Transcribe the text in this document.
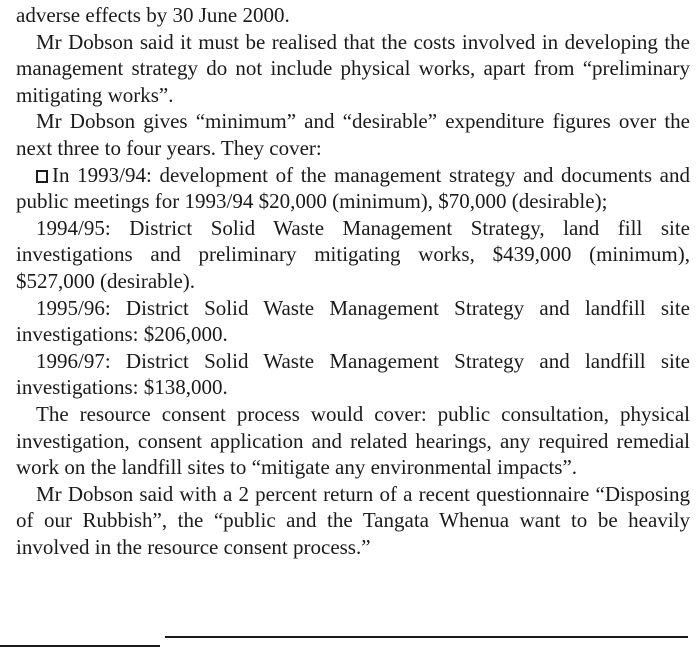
adverse effects by 30 June 2000.

Mr Dobson said it must be realised that the costs involved in developing the management strategy do not include physical works, apart from “preliminary mitigating works”.

Mr Dobson gives “minimum” and “desirable” expenditure figures over the next three to four years. They cover:

In 1993/94: development of the management strategy and documents and public meetings for 1993/94 $20,000 (minimum), $70,000 (desirable);

1994/95: District Solid Waste Management Strategy, land fill site investigations and preliminary mitigating works, $439,000 (minimum), $527,000 (desirable).

1995/96: District Solid Waste Management Strategy and landfill site investigations: $206,000.

1996/97: District Solid Waste Management Strategy and landfill site investigations: $138,000.

The resource consent process would cover: public consultation, physical investigation, consent application and related hearings, any required remedial work on the landfill sites to “mitigate any environmental impacts”.

Mr Dobson said with a 2 percent return of a recent questionnaire “Disposing of our Rubbish”, the “public and the Tangata Whenua want to be heavily involved in the resource consent process.”
